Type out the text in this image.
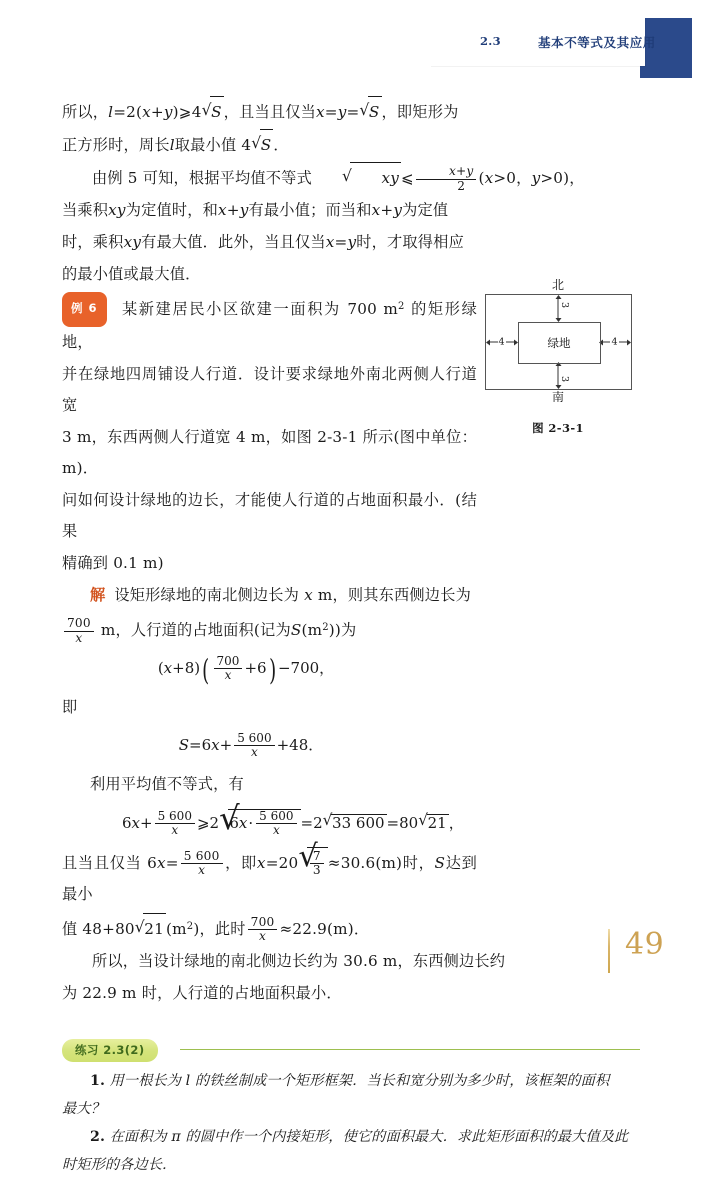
2.3	基本不等式及其应用
北
3
3
4	4
绿地
南
图 2-3-1

所以，l=2(x+y)⩾4 √ S ，且当且仅当x=y= √ S ，即矩形为

正方形时，周长l取最小值 4 √ S ．

由例 5 可知，根据平均值不等式	√ xy ⩽ $\frac{x+y}{2} (x>0$，y>0)，

当乘积xy为定值时，和x+y有最小值；而当和x+y为定值

时，乘积xy有最大值．此外，当且仅当x=y时，才取得相应

的最小值或最大值．

例 6 某新建居民小区欲建一面积为 700 $m^2$ 的矩形绿地，

并在绿地四周铺设人行道．设计要求绿地外南北两侧人行道宽

3 m，东西两侧人行道宽 4 m，如图 2-3-1 所示(图中单位：m)．

问如何设计绿地的边长，才能使人行道的占地面积最小．(结果

精确到 0.1 m)

解 设矩形绿地的南北侧边长为 x m，则其东西侧边长为

$\frac{700}{x}$ m，人行道的占地面积(记为$S(m^2)$)为

$(x+8)( \frac{700}{x} +6) -700$，

即

$S=6x+ \frac{5 600}{x} +48$．

利用平均值不等式，有

$6x+ \frac{5 600}{x}$ ⩾2 √ $6x\cdot \frac{5 600}{x} =2$ √ 33 600 =80 √ 21 ，

且当且仅当 $6x= \frac{5 600}{x}$ ，即x=20 √ $\frac{7}{3} \approx 30.6(m)$时，S达到最小

值 48+80 √ 21 $(m^2)$，此时 $\frac{700}{x} \approx 22.9(m)$．

所以，当设计绿地的南北侧边长约为 30.6 m，东西侧边长约

为 22.9 m 时，人行道的占地面积最小．

练习 2.3(2)

1. 用一根长为 l 的铁丝制成一个矩形框架．当长和宽分别为多少时，该框架的面积

最大？

2. 在面积为 π 的圆中作一个内接矩形，使它的面积最大．求此矩形面积的最大值及此

时矩形的各边长．

49
